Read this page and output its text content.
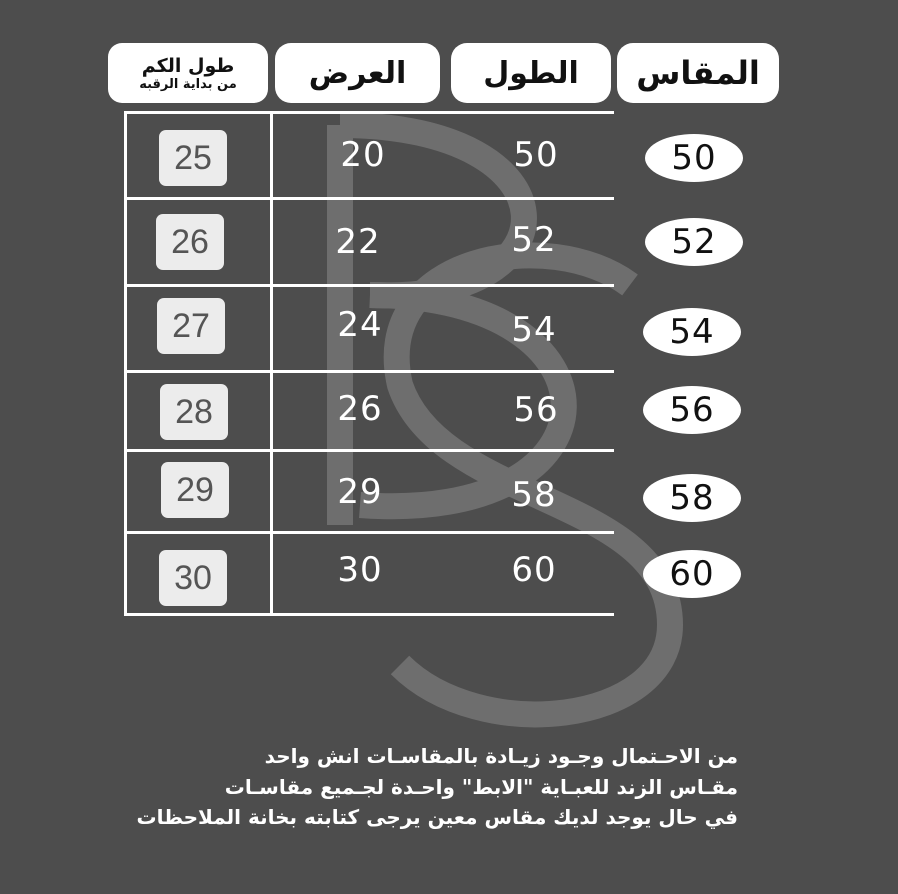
المقاس
الطول
العرض
طول الكم
من بداية الرقبه
50
50
20
25
52
52
22
26
54
54
24
27
56
56
26
28
58
58
29
29
60
60
30
30
من الاحـتمال وجـود زيـادة بالمقاسـات انش واحد
مقـاس الزند للعبـاية "الابط" واحـدة لجـميع مقاسـات
في حال يوجد لديك مقاس معين يرجى كتابته بخانة الملاحظات
